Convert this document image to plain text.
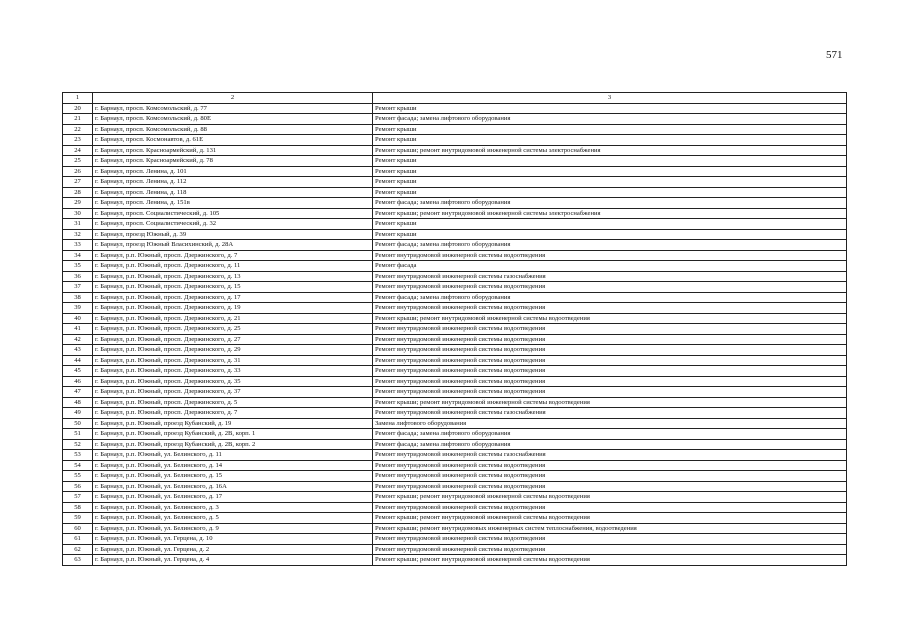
571
1	2	3
20	г. Барнаул, просп. Комсомольский, д. 77	Ремонт крыши
21	г. Барнаул, просп. Комсомольский, д. 80Е	Ремонт фасада; замена лифтового оборудования
22	г. Барнаул, просп. Комсомольский, д. 88	Ремонт крыши
23	г. Барнаул, просп. Космонавтов, д. 61Е	Ремонт крыши
24	г. Барнаул, просп. Красноармейский, д. 131	Ремонт крыши; ремонт внутридомовой инженерной системы электроснабжения
25	г. Барнаул, просп. Красноармейский, д. 78	Ремонт крыши
26	г. Барнаул, просп. Ленина, д. 101	Ремонт крыши
27	г. Барнаул, просп. Ленина, д. 112	Ремонт крыши
28	г. Барнаул, просп. Ленина, д. 118	Ремонт крыши
29	г. Барнаул, просп. Ленина, д. 151в	Ремонт фасада; замена лифтового оборудования
30	г. Барнаул, просп. Социалистический, д. 105	Ремонт крыши; ремонт внутридомовой инженерной системы электроснабжения
31	г. Барнаул, просп. Социалистический, д. 32	Ремонт крыши
32	г. Барнаул, проезд Южный, д. 39	Ремонт крыши
33	г. Барнаул, проезд Южный Власихинский, д. 28А	Ремонт фасада; замена лифтового оборудования
34	г. Барнаул, р.п. Южный, просп. Дзержинского, д. 7	Ремонт внутридомовой инженерной системы водоотведения
35	г. Барнаул, р.п. Южный, просп. Дзержинского, д. 11	Ремонт фасада
36	г. Барнаул, р.п. Южный, просп. Дзержинского, д. 13	Ремонт внутридомовой инженерной системы газоснабжения
37	г. Барнаул, р.п. Южный, просп. Дзержинского, д. 15	Ремонт внутридомовой инженерной системы водоотведения
38	г. Барнаул, р.п. Южный, просп. Дзержинского, д. 17	Ремонт фасада; замена лифтового оборудования
39	г. Барнаул, р.п. Южный, просп. Дзержинского, д. 19	Ремонт внутридомовой инженерной системы водоотведения
40	г. Барнаул, р.п. Южный, просп. Дзержинского, д. 21	Ремонт крыши; ремонт внутридомовой инженерной системы водоотведения
41	г. Барнаул, р.п. Южный, просп. Дзержинского, д. 25	Ремонт внутридомовой инженерной системы водоотведения
42	г. Барнаул, р.п. Южный, просп. Дзержинского, д. 27	Ремонт внутридомовой инженерной системы водоотведения
43	г. Барнаул, р.п. Южный, просп. Дзержинского, д. 29	Ремонт внутридомовой инженерной системы водоотведения
44	г. Барнаул, р.п. Южный, просп. Дзержинского, д. 31	Ремонт внутридомовой инженерной системы водоотведения
45	г. Барнаул, р.п. Южный, просп. Дзержинского, д. 33	Ремонт внутридомовой инженерной системы водоотведения
46	г. Барнаул, р.п. Южный, просп. Дзержинского, д. 35	Ремонт внутридомовой инженерной системы водоотведения
47	г. Барнаул, р.п. Южный, просп. Дзержинского, д. 37	Ремонт внутридомовой инженерной системы водоотведения
48	г. Барнаул, р.п. Южный, просп. Дзержинского, д. 5	Ремонт крыши; ремонт внутридомовой инженерной системы водоотведения
49	г. Барнаул, р.п. Южный, просп. Дзержинского, д. 7	Ремонт внутридомовой инженерной системы газоснабжения
50	г. Барнаул, р.п. Южный, проезд Кубанский, д. 19	Замена лифтового оборудования
51	г. Барнаул, р.п. Южный, проезд Кубанский, д. 2В, корп. 1	Ремонт фасада; замена лифтового оборудования
52	г. Барнаул, р.п. Южный, проезд Кубанский, д. 2В, корп. 2	Ремонт фасада; замена лифтового оборудования
53	г. Барнаул, р.п. Южный, ул. Белинского, д. 11	Ремонт внутридомовой инженерной системы газоснабжения
54	г. Барнаул, р.п. Южный, ул. Белинского, д. 14	Ремонт внутридомовой инженерной системы водоотведения
55	г. Барнаул, р.п. Южный, ул. Белинского, д. 15	Ремонт внутридомовой инженерной системы водоотведения
56	г. Барнаул, р.п. Южный, ул. Белинского, д. 16А	Ремонт внутридомовой инженерной системы водоотведения
57	г. Барнаул, р.п. Южный, ул. Белинского, д. 17	Ремонт крыши; ремонт внутридомовой инженерной системы водоотведения
58	г. Барнаул, р.п. Южный, ул. Белинского, д. 3	Ремонт внутридомовой инженерной системы водоотведения
59	г. Барнаул, р.п. Южный, ул. Белинского, д. 5	Ремонт крыши; ремонт внутридомовой инженерной системы водоотведения
60	г. Барнаул, р.п. Южный, ул. Белинского, д. 9	Ремонт крыши; ремонт внутридомовых инженерных систем теплоснабжения, водоотведения
61	г. Барнаул, р.п. Южный, ул. Герцена, д. 10	Ремонт внутридомовой инженерной системы водоотведения
62	г. Барнаул, р.п. Южный, ул. Герцена, д. 2	Ремонт внутридомовой инженерной системы водоотведения
63	г. Барнаул, р.п. Южный, ул. Герцена, д. 4	Ремонт крыши; ремонт внутридомовой инженерной системы водоотведения
